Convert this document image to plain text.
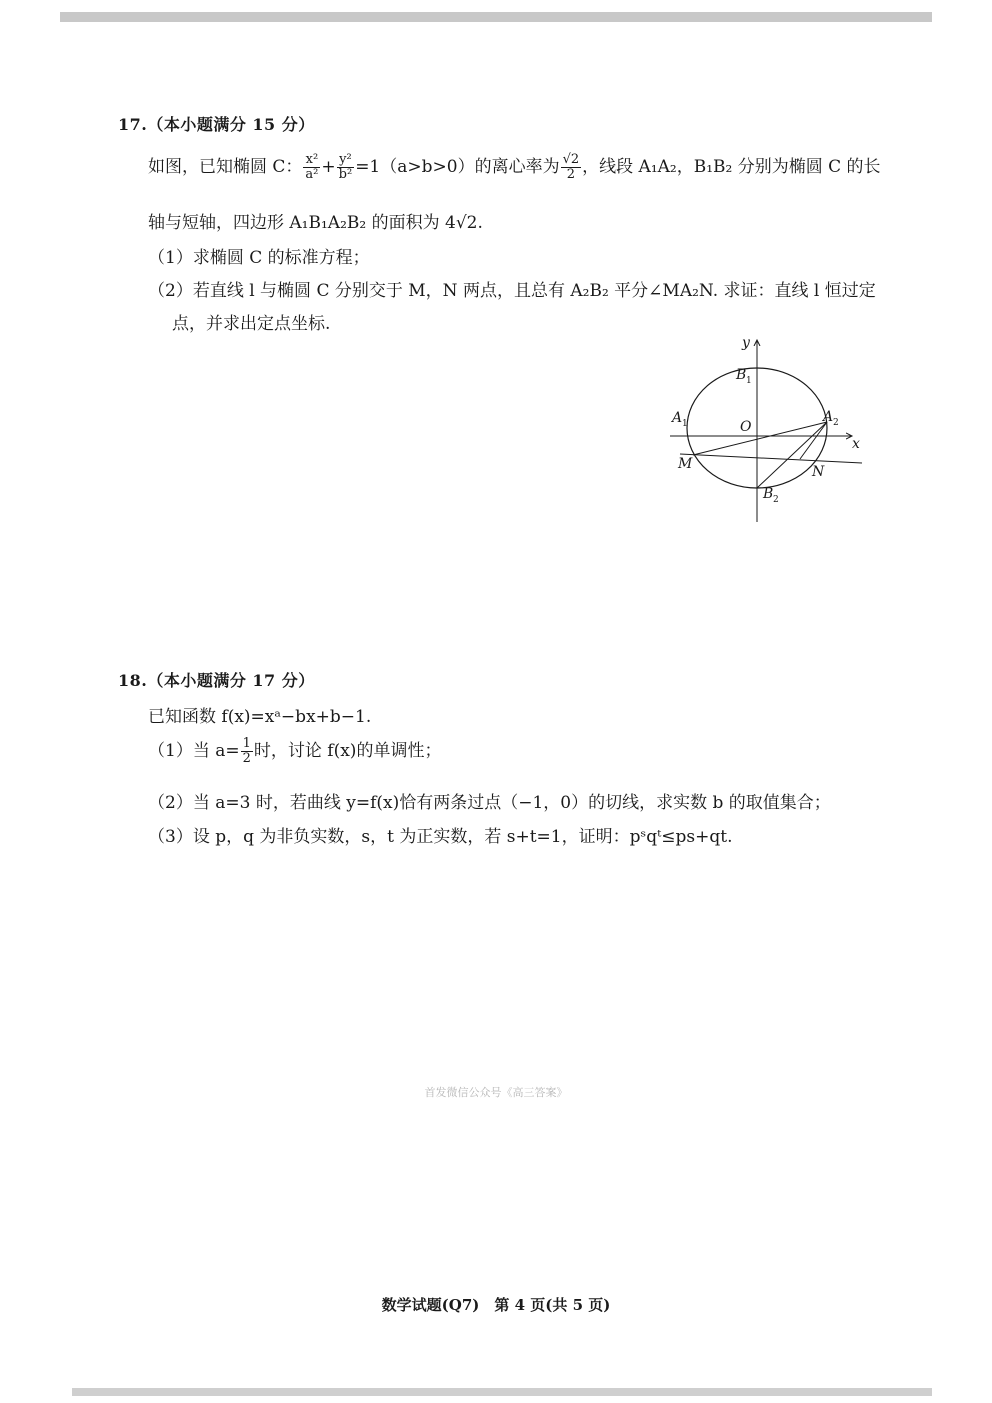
17.（本小题满分 15 分）
如图，已知椭圆 C： $\frac{\text{x²}}{\text{a²}} + \frac{\text{y²}}{\text{b²}} =1(a>b>0)$的离心率为 $\frac{√2}{2}$ ，线段 A₁A₂，B₁B₂ 分别为椭圆 C 的长
轴与短轴，四边形 A₁B₁A₂B₂ 的面积为 4√2.
（1）求椭圆 C 的标准方程；
（2）若直线 l 与椭圆 C 分别交于 M，N 两点，且总有 A₂B₂ 平分∠MA₂N. 求证：直线 l 恒过定
点，并求出定点坐标.
y
x
O
A 1	A 2
B 1
B 2
M	N
18.（本小题满分 17 分）
已知函数 f(x)=xᵃ−bx+b−1.
（1）当 $a= \frac{1}{2}$ 时，讨论 f(x)的单调性；
（2）当 a=3 时，若曲线 y=f(x)恰有两条过点（−1，0）的切线，求实数 b 的取值集合；
（3）设 p，q 为非负实数，s，t 为正实数，若 s+t=1，证明：pˢqᵗ≤ps+qt.
首发微信公众号《高三答案》
数学试题(Q7)　第 4 页(共 5 页)
